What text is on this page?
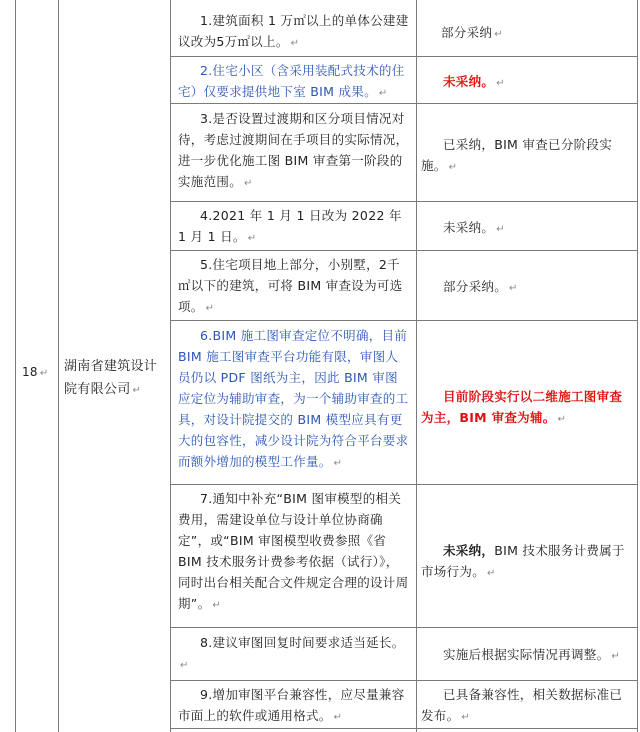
18 ↵	湖南省建筑设计院有限公司 ↵
1.建筑面积 1 万㎡以上的单体公建建议改为5万㎡以上。 ↵
部分采纳 ↵
2.住宅小区（含采用装配式技术的住宅）仅要求提供地下室 BIM 成果。 ↵
未采纳。 ↵
3.是否设置过渡期和区分项目情况对待，考虑过渡期间在手项目的实际情况，进一步优化施工图 BIM 审查第一阶段的实施范围。 ↵
已采纳，BIM 审查已分阶段实施。 ↵
4.2021 年 1 月 1 日改为 2022 年 1 月 1 日。 ↵
未采纳。 ↵
5.住宅项目地上部分，小别墅，2千㎡以下的建筑，可将 BIM 审查设为可选项。 ↵
部分采纳。 ↵
6.BIM 施工图审查定位不明确，目前 BIM 施工图审查平台功能有限，审图人员仍以 PDF 图纸为主，因此 BIM 审图应定位为辅助审查，为一个辅助审查的工具，对设计院提交的 BIM 模型应具有更大的包容性，减少设计院为符合平台要求而额外增加的模型工作量。 ↵
目前阶段实行以二维施工图审查为主，BIM 审查为辅。 ↵
7.通知中补充“BIM 图审模型的相关费用，需建设单位与设计单位协商确定”，或“BIM 审图模型收费参照《省 BIM 技术服务计费参考依据（试行）》，同时出台相关配合文件规定合理的设计周期”。 ↵
未采纳，BIM 技术服务计费属于市场行为。 ↵
8.建议审图回复时间要求适当延长。↵
实施后根据实际情况再调整。 ↵
9.增加审图平台兼容性，应尽量兼容市面上的软件或通用格式。 ↵
已具备兼容性，相关数据标准已发布。 ↵
